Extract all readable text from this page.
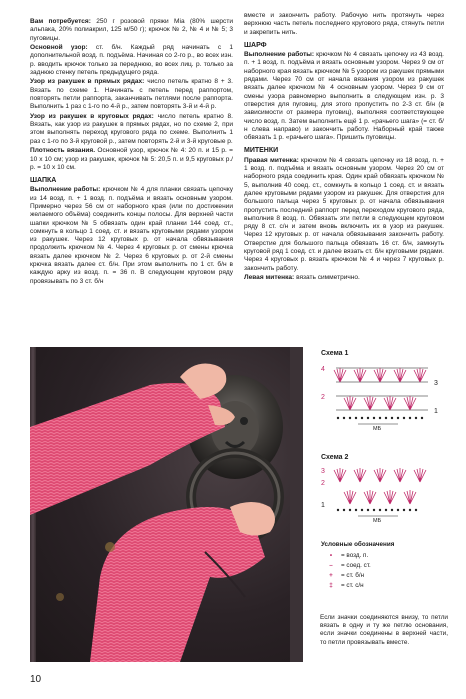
Вам потребуется: 250 г розовой пряжи Mia (80% шерсти альпака, 20% полиакрил, 125 м/50 г); крючок № 2, № 4 и № 5; 3 пуговицы.

Основной узор: ст. б/н. Каждый ряд начинать с 1 дополнительной возд. п. подъёма. Начиная со 2-го р., во всех изн. р. вводить крючок только за переднюю, во всех лиц. р. только за заднюю стенку петель предыдущего ряда.

Узор из ракушек в прямых рядах: число петель кратно 8 + 3. Вязать по схеме 1. Начинать с петель перед раппортом, повторять петли раппорта, заканчивать петлями после раппорта. Выполнить 1 раз с 1-го по 4-й р., затем повторять 3-й и 4-й р.

Узор из ракушек в круговых рядах: число петель кратно 8. Вязать, как узор из ракушек в прямых рядах, но по схеме 2, при этом выполнять переход кругового ряда по схеме. Выполнить 1 раз с 1-го по 3-й круговой р., затем повторять 2-й и 3-й круговые р.

Плотность вязания. Основной узор, крючок № 4: 20 п. и 15 р. = 10 х 10 см; узор из ракушек, крючок № 5: 20,5 п. и 9,5 круговых р./р. = 10 х 10 см.

ШАПКА

Выполнение работы: крючком № 4 для планки связать цепочку из 14 возд. п. + 1 возд. п. подъёма и вязать основным узором. Примерно через 56 см от наборного края (или по достижении желаемого объёма) соединить концы полосы. Для верхней части шапки крючком № 5 обвязать один край планки 144 соед. ст., сомкнуть в кольцо 1 соед. ст. и вязать круговыми рядами узором из ракушек. Через 12 круговых р. от начала обвязывания продолжить крючком № 4. Через 4 круговых р. от смены крючка вязать далее крючком № 2. Через 6 круговых р. от 2-й смены крючка вязать далее ст. б/н. При этом выполнить по 1 ст. б/н в каждую арку из возд. п. = 36 п. В следующем круговом ряду провязывать по 3 ст. б/н

вместе и закончить работу. Рабочую нить протянуть через верхнюю часть петель последнего кругового ряда, стянуть петли и закрепить нить.

ШАРФ

Выполнение работы: крючком № 4 связать цепочку из 43 возд. п. + 1 возд. п. подъёма и вязать основным узором. Через 9 см от наборного края вязать крючком № 5 узором из ракушек прямыми рядами. Через 70 см от начала вязания узором из ракушек вязать далее крючком № 4 основным узором. Через 9 см от смены узора равномерно выполнить в следующем изн. р. 3 отверстия для пуговиц, для этого пропустить по 2-3 ст. б/н (в зависимости от размера пуговиц), выполняя соответствующее число возд. п. Затем выполнить ещё 1 р. «рачьего шага» (= ст. б/н слева направо) и закончить работу. Наборный край также обвязать 1 р. «рачьего шага». Пришить пуговицы.

МИТЕНКИ

Правая митенка: крючком № 4 связать цепочку из 18 возд. п. + 1 возд. п. подъёма и вязать основным узором. Через 20 см от наборного ряда соединить края. Один край обвязать крючком № 5, выполнив 40 соед. ст., сомкнуть в кольцо 1 соед. ст. и вязать далее круговыми рядами узором из ракушек. Для отверстия для большого пальца через 5 круговых р. от начала обвязывания пропустить последний раппорт перед переходом кругового ряда, выполнив 8 возд. п. Обвязать эти петли в следующем круговом ряду 8 ст. с/н и затем вновь включить их в узор из ракушек. Через 12 круговых р. от начала обвязывания закончить работу. Отверстие для большого пальца обвязать 16 ст. б/н, замкнуть круговой ряд 1 соед. ст. и далее вязать ст. б/н круговыми рядами. Через 4 круговых р. вязать крючком № 4 и через 7 круговых р. закончить работу.

Левая митенка: вязать симметрично.

Схема 1
4
3
2
1
МБ
Схема 2
3
2
1
МБ
Условные обозначения
•	= возд. п.
–	= соед. ст.
+	= ст. б/н
‡	= ст. с/н
Если значки соединяются внизу, то петли вязать в одну и ту же петлю основания, если значки соединены в верхней части, то петли провязывать вместе.
10
